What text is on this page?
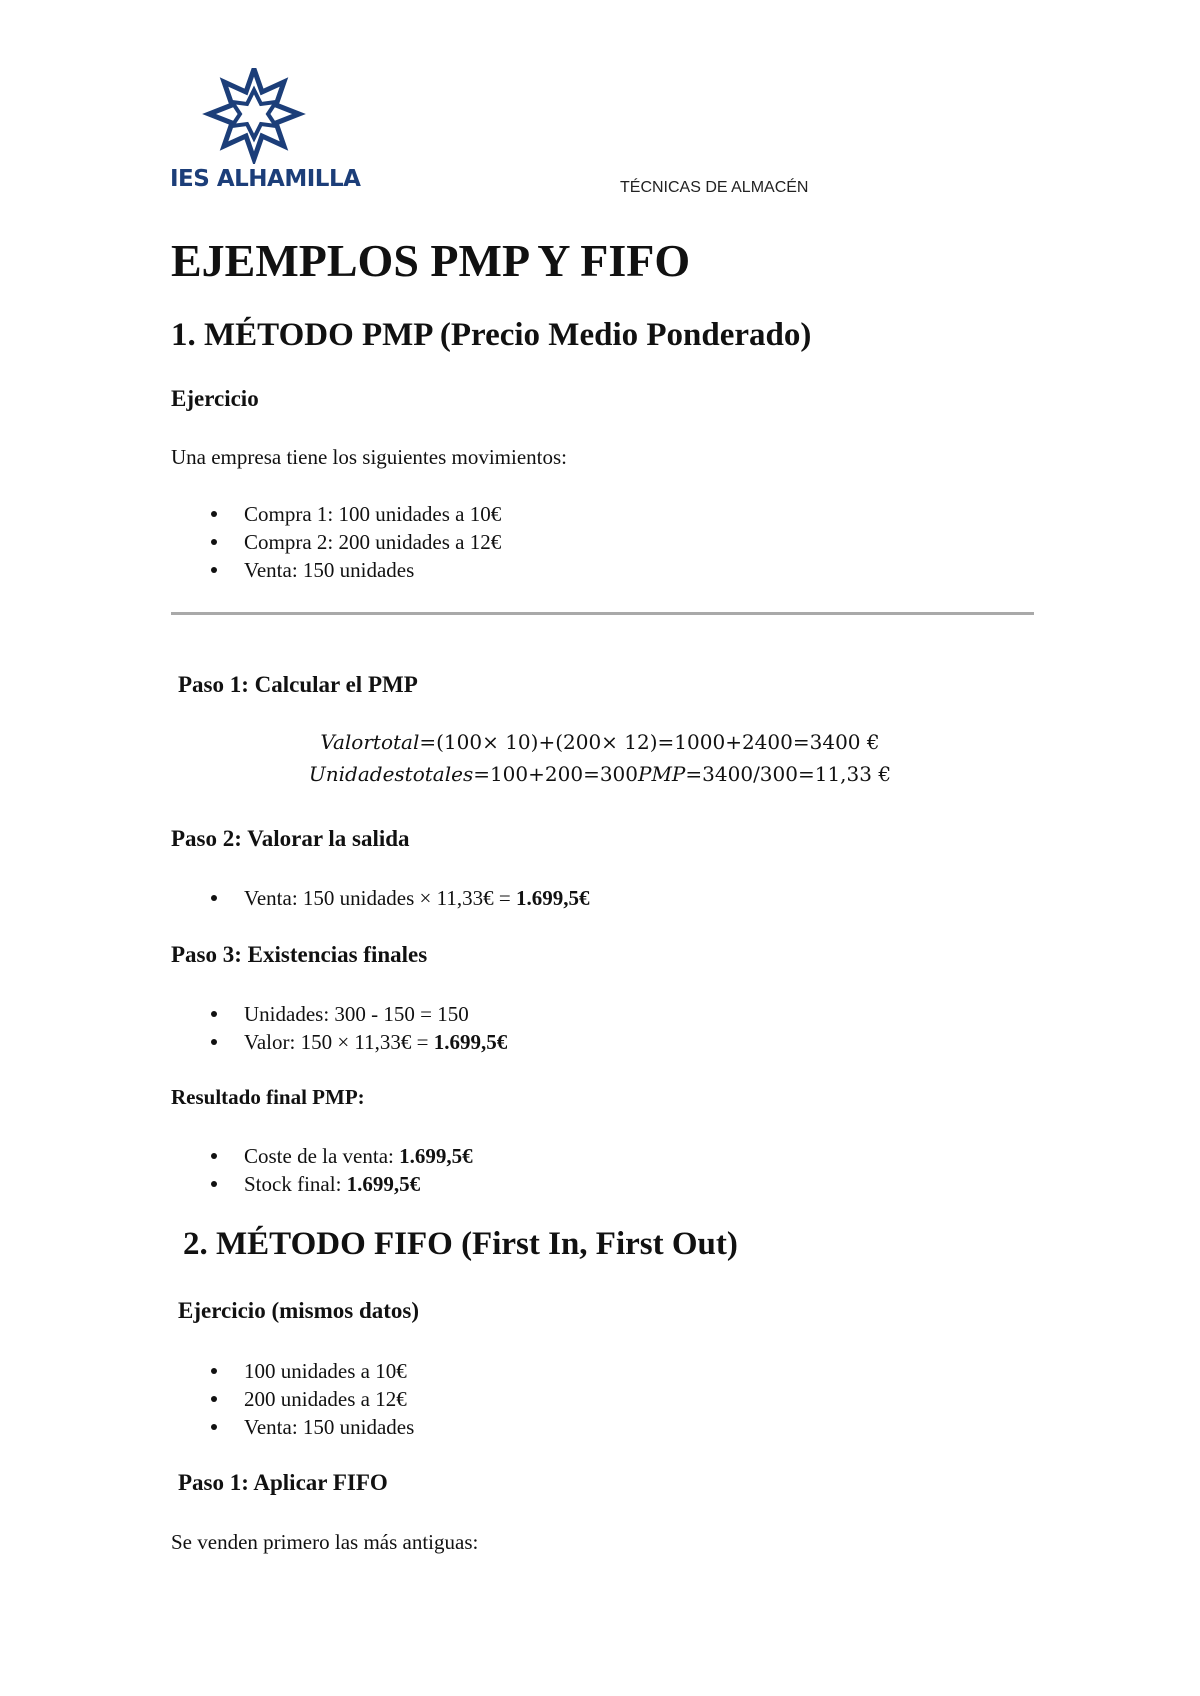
IES ALHAMILLA	TÉCNICAS DE ALMACÉN
EJEMPLOS PMP Y FIFO
1. MÉTODO PMP (Precio Medio Ponderado)
Ejercicio
Una empresa tiene los siguientes movimientos:
Compra 1: 100 unidades a 10€
Compra 2: 200 unidades a 12€
Venta: 150 unidades
Paso 1: Calcular el PMP
Valortotal=(100× 10)+(200× 12)=1000+2400=3400 €
Unidadestotales=100+200=300PMP=3400/300=11,33 €
Paso 2: Valorar la salida
Venta: 150 unidades × 11,33€ = 1.699,5€
Paso 3: Existencias finales
Unidades: 300 - 150 = 150
Valor: 150 × 11,33€ = 1.699,5€
Resultado final PMP:
Coste de la venta: 1.699,5€
Stock final: 1.699,5€
2. MÉTODO FIFO (First In, First Out)
Ejercicio (mismos datos)
100 unidades a 10€
200 unidades a 12€
Venta: 150 unidades
Paso 1: Aplicar FIFO
Se venden primero las más antiguas:
